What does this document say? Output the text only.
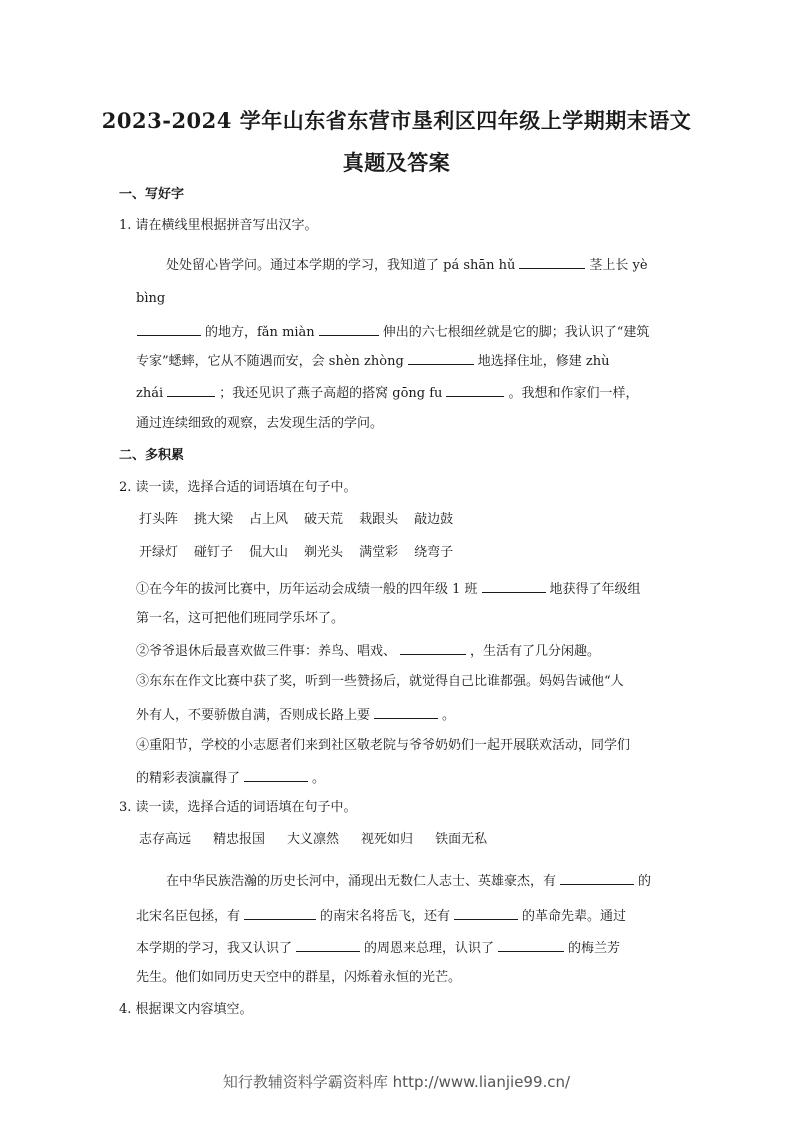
2023-2024 学年山东省东营市垦利区四年级上学期期末语文
真题及答案
一、写好字
1. 请在横线里根据拼音写出汉字。
处处留心皆学问。通过本学期的学习，我知道了 pá shān hǔ	茎上长 yè
bìng
的地方，fǎn miàn	伸出的六七根细丝就是它的脚；我认识了“建筑
专家”蟋蟀，它从不随遇而安，会 shèn zhòng	地选择住址，修建 zhù
zhái	；我还见识了燕子高超的搭窝 gōng fu	。我想和作家们一样，
通过连续细致的观察，去发现生活的学问。
二、多积累
2. 读一读，选择合适的词语填在句子中。
打头阵 挑大梁 占上风 破天荒 栽跟头 敲边鼓
开绿灯 碰钉子 侃大山 剃光头 满堂彩 绕弯子
①在今年的拔河比赛中，历年运动会成绩一般的四年级 1 班	地获得了年级组
第一名，这可把他们班同学乐坏了。
②爷爷退休后最喜欢做三件事：养鸟、唱戏、	，生活有了几分闲趣。
③东东在作文比赛中获了奖，听到一些赞扬后，就觉得自己比谁都强。妈妈告诫他“人
外有人，不要骄傲自满，否则成长路上要	。
④重阳节，学校的小志愿者们来到社区敬老院与爷爷奶奶们一起开展联欢活动，同学们
的精彩表演赢得了	。
3. 读一读，选择合适的词语填在句子中。
志存高远 精忠报国 大义凛然 视死如归 铁面无私
在中华民族浩瀚的历史长河中，涌现出无数仁人志士、英雄豪杰，有	的
北宋名臣包拯，有	的南宋名将岳飞，还有	的革命先辈。通过
本学期的学习，我又认识了	的周恩来总理，认识了	的梅兰芳
先生。他们如同历史天空中的群星，闪烁着永恒的光芒。
4. 根据课文内容填空。
知行教辅资料学霸资料库 http://www.lianjie99.cn/
